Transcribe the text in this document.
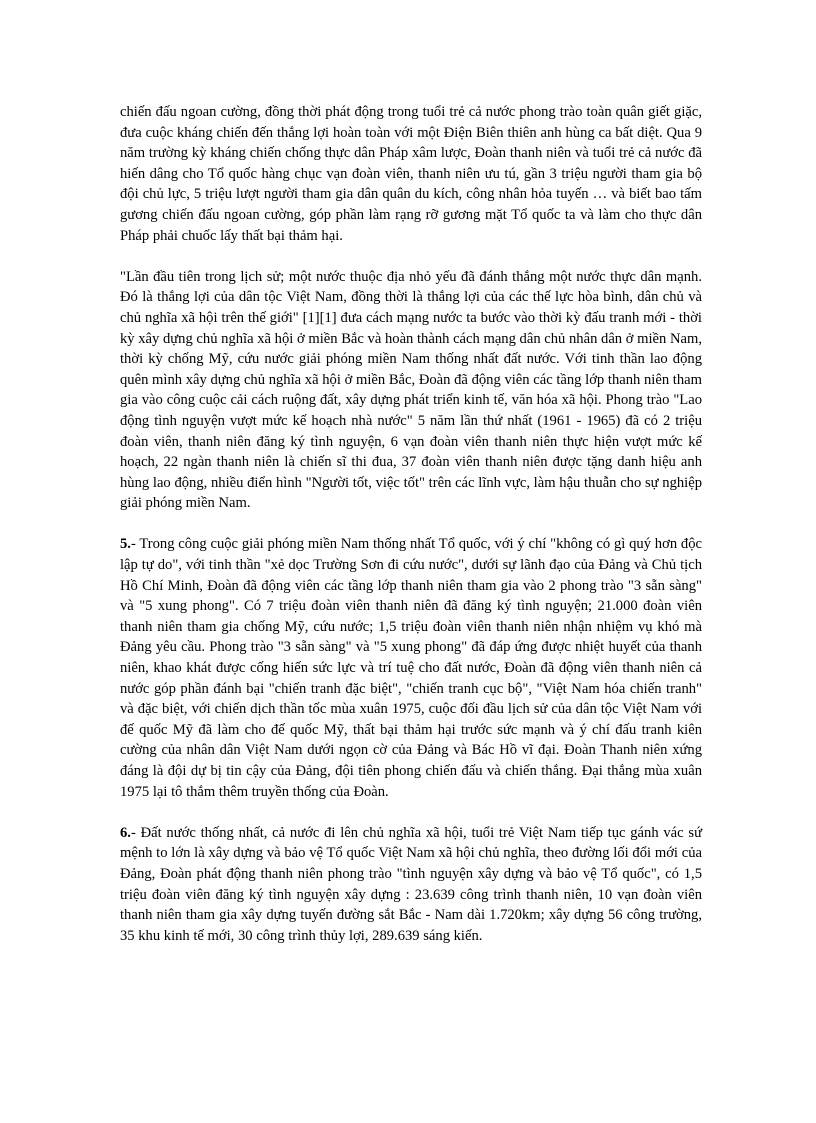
chiến đấu ngoan cường, đồng thời phát động trong tuổi trẻ cả nước phong trào toàn quân giết giặc, đưa cuộc kháng chiến đến thắng lợi hoàn toàn với một Điện Biên thiên anh hùng ca bất diệt. Qua 9 năm trường kỳ kháng chiến chống thực dân Pháp xâm lược, Đoàn thanh niên và tuổi trẻ cả nước đã hiến dâng cho Tổ quốc hàng chục vạn đoàn viên, thanh niên ưu tú, gần 3 triệu người tham gia bộ đội chủ lực, 5 triệu lượt người tham gia dân quân du kích, công nhân hỏa tuyến … và biết bao tấm gương chiến đấu ngoan cường, góp phần làm rạng rỡ gương mặt Tổ quốc ta và làm cho thực dân Pháp phải chuốc lấy thất bại thảm hại.

"Lần đầu tiên trong lịch sử; một nước thuộc địa nhỏ yếu đã đánh thắng một nước thực dân mạnh. Đó là thắng lợi của dân tộc Việt Nam, đồng thời là thắng lợi của các thế lực hòa bình, dân chủ và chủ nghĩa xã hội trên thế giới" [1][1] đưa cách mạng nước ta bước vào thời kỳ đấu tranh mới - thời kỳ xây dựng chủ nghĩa xã hội ở miền Bắc và hoàn thành cách mạng dân chủ nhân dân ở miền Nam, thời kỳ chống Mỹ, cứu nước giải phóng miền Nam thống nhất đất nước. Với tinh thần lao động quên mình xây dựng chủ nghĩa xã hội ở miền Bắc, Đoàn đã động viên các tầng lớp thanh niên tham gia vào công cuộc cải cách ruộng đất, xây dựng phát triển kinh tế, văn hóa xã hội. Phong trào "Lao động tình nguyện vượt mức kế hoạch nhà nước" 5 năm lần thứ nhất (1961 - 1965) đã có 2 triệu đoàn viên, thanh niên đăng ký tình nguyện, 6 vạn đoàn viên thanh niên thực hiện vượt mức kế hoạch, 22 ngàn thanh niên là chiến sĩ thi đua, 37 đoàn viên thanh niên được tặng danh hiệu anh hùng lao động, nhiều điển hình "Người tốt, việc tốt" trên các lĩnh vực, làm hậu thuẫn cho sự nghiệp giải phóng miền Nam.

5.- Trong công cuộc giải phóng miền Nam thống nhất Tổ quốc, với ý chí "không có gì quý hơn độc lập tự do", với tinh thần "xẻ dọc Trường Sơn đi cứu nước", dưới sự lãnh đạo của Đảng và Chủ tịch Hồ Chí Minh, Đoàn đã động viên các tầng lớp thanh niên tham gia vào 2 phong trào "3 sẵn sàng" và "5 xung phong". Có 7 triệu đoàn viên thanh niên đã đăng ký tình nguyện; 21.000 đoàn viên thanh niên tham gia chống Mỹ, cứu nước; 1,5 triệu đoàn viên thanh niên nhận nhiệm vụ khó mà Đảng yêu cầu. Phong trào "3 sẵn sàng" và "5 xung phong" đã đáp ứng được nhiệt huyết của thanh niên, khao khát được cống hiến sức lực và trí tuệ cho đất nước, Đoàn đã động viên thanh niên cả nước góp phần đánh bại "chiến tranh đặc biệt", "chiến tranh cục bộ", "Việt Nam hóa chiến tranh" và đặc biệt, với chiến dịch thần tốc mùa xuân 1975, cuộc đối đầu lịch sử của dân tộc Việt Nam với đế quốc Mỹ đã làm cho đế quốc Mỹ, thất bại thảm hại trước sức mạnh và ý chí đấu tranh kiên cường của nhân dân Việt Nam dưới ngọn cờ của Đảng và Bác Hồ vĩ đại. Đoàn Thanh niên xứng đáng là đội dự bị tin cậy của Đảng, đội tiên phong chiến đấu và chiến thắng. Đại thắng mùa xuân 1975 lại tô thắm thêm truyền thống của Đoàn.

6.- Đất nước thống nhất, cả nước đi lên chủ nghĩa xã hội, tuổi trẻ Việt Nam tiếp tục gánh vác sứ mệnh to lớn là xây dựng và bảo vệ Tổ quốc Việt Nam xã hội chủ nghĩa, theo đường lối đổi mới của Đảng, Đoàn phát động thanh niên phong trào "tình nguyện xây dựng và bảo vệ Tổ quốc", có 1,5 triệu đoàn viên đăng ký tình nguyện xây dựng : 23.639 công trình thanh niên, 10 vạn đoàn viên thanh niên tham gia xây dựng tuyến đường sắt Bắc - Nam dài 1.720km; xây dựng 56 công trường, 35 khu kinh tế mới, 30 công trình thủy lợi, 289.639 sáng kiến.
